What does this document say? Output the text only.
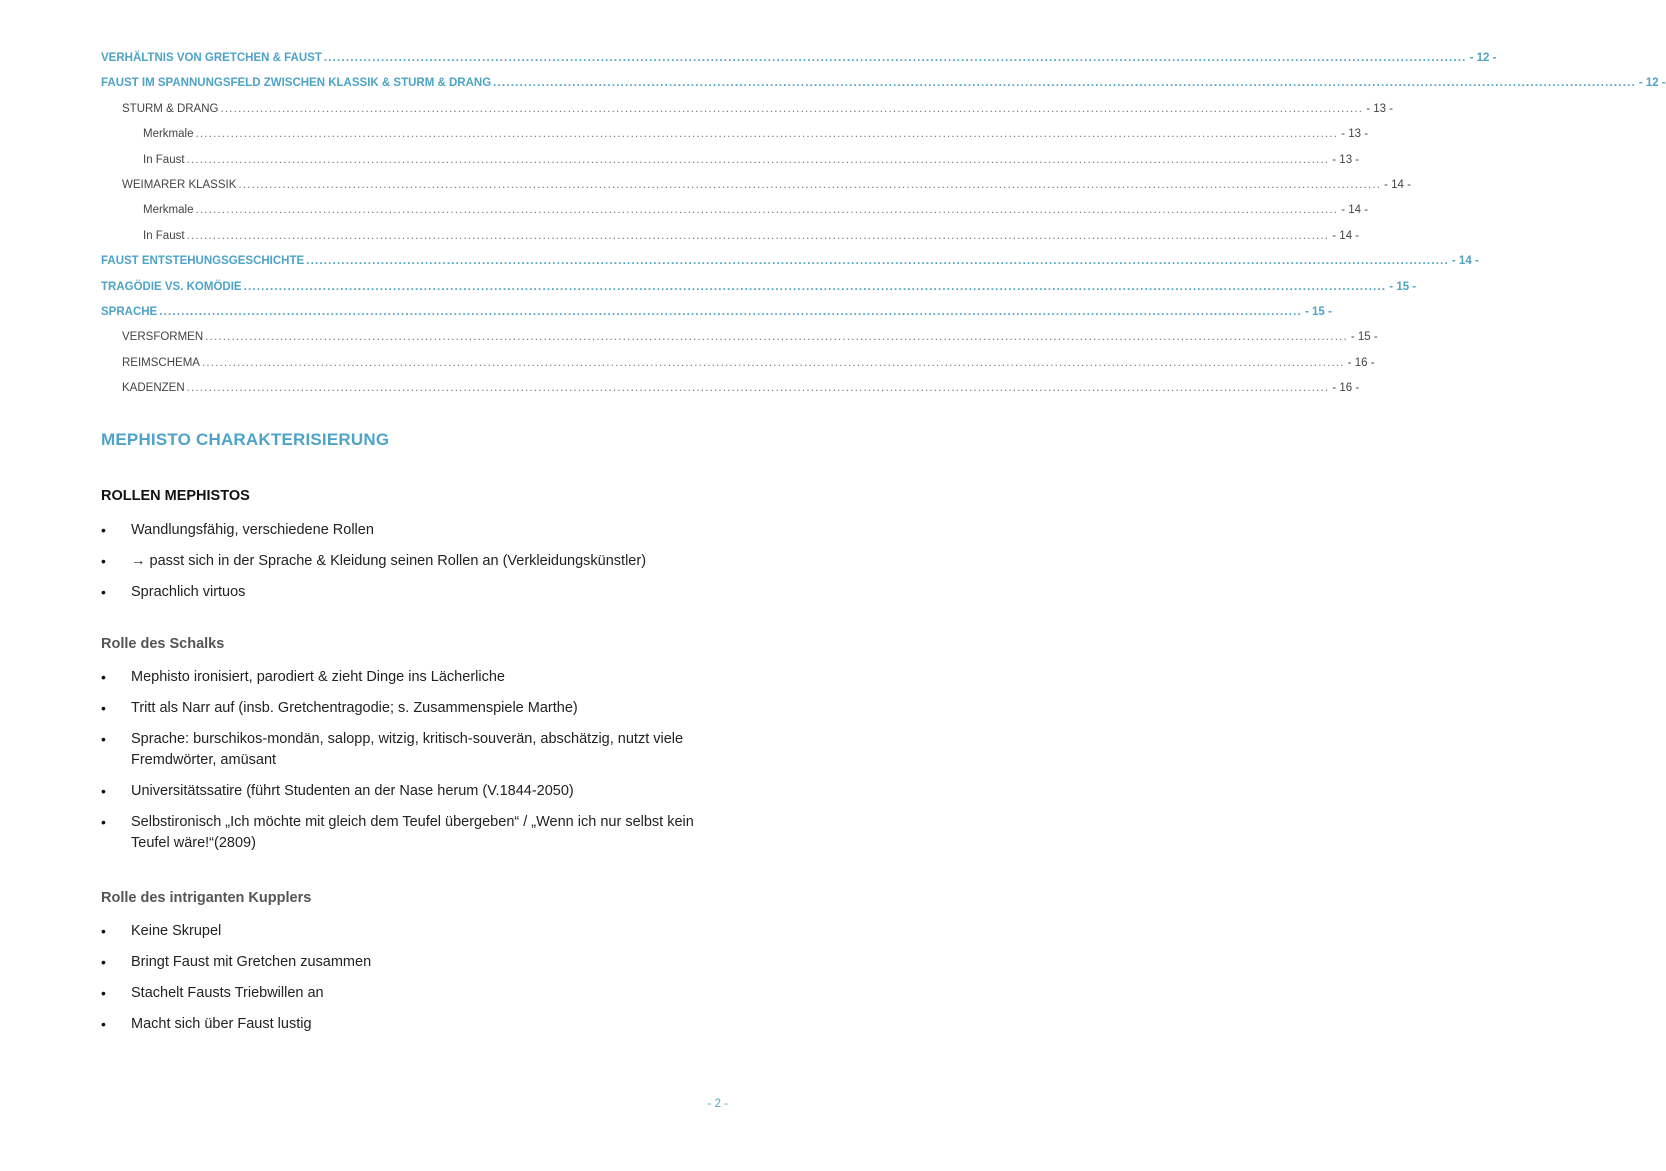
VERHÄLTNIS VON GRETCHEN & FAUST .................................................................................................................................................................................................................................................................... - 12 -
FAUST IM SPANNUNGSFELD ZWISCHEN KLASSIK & STURM & DRANG .................................................................................................................................................................................................................................................................... - 12 -
STURM & DRANG .................................................................................................................................................................................................................................................................... - 13 -
Merkmale .................................................................................................................................................................................................................................................................... - 13 -
In Faust .................................................................................................................................................................................................................................................................... - 13 -
WEIMARER KLASSIK .................................................................................................................................................................................................................................................................... - 14 -
Merkmale .................................................................................................................................................................................................................................................................... - 14 -
In Faust .................................................................................................................................................................................................................................................................... - 14 -
FAUST ENTSTEHUNGSGESCHICHTE .................................................................................................................................................................................................................................................................... - 14 -
TRAGÖDIE VS. KOMÖDIE .................................................................................................................................................................................................................................................................... - 15 -
SPRACHE .................................................................................................................................................................................................................................................................... - 15 -
VERSFORMEN .................................................................................................................................................................................................................................................................... - 15 -
REIMSCHEMA .................................................................................................................................................................................................................................................................... - 16 -
KADENZEN .................................................................................................................................................................................................................................................................... - 16 -
MEPHISTO CHARAKTERISIERUNG
ROLLEN MEPHISTOS
• Wandlungsfähig, verschiedene Rollen
• → passt sich in der Sprache & Kleidung seinen Rollen an (Verkleidungskünstler)
• Sprachlich virtuos
Rolle des Schalks
• Mephisto ironisiert, parodiert & zieht Dinge ins Lächerliche
• Tritt als Narr auf (insb. Gretchentragodie; s. Zusammenspiele Marthe)
• Sprache: burschikos-mondän, salopp, witzig, kritisch-souverän, abschätzig, nutzt viele Fremdwörter, amüsant
• Universitätssatire (führt Studenten an der Nase herum (V.1844-2050)
• Selbstironisch „Ich möchte mit gleich dem Teufel übergeben“ / „Wenn ich nur selbst kein Teufel wäre!“(2809)
Rolle des intriganten Kupplers
• Keine Skrupel
• Bringt Faust mit Gretchen zusammen
• Stachelt Fausts Triebwillen an
• Macht sich über Faust lustig
- 2 -
